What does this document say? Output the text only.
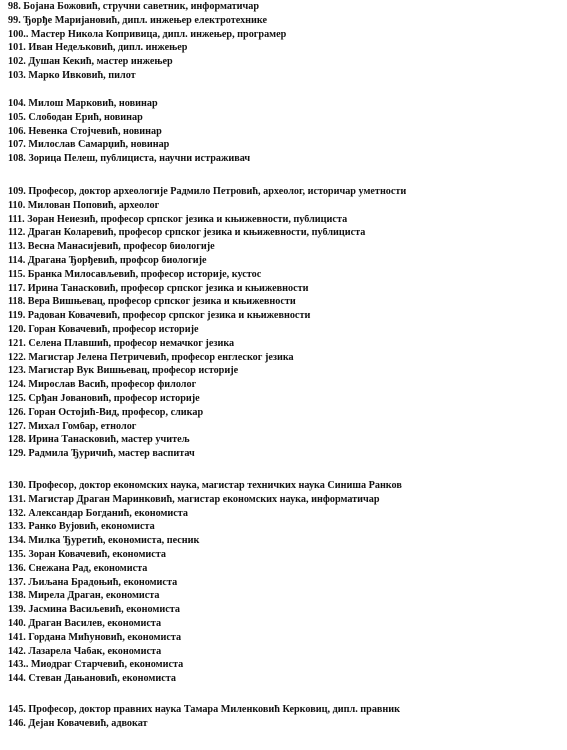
98. Бојана Божовић, стручни саветник, информатичар
99. Ђорђе Маријановић, дипл. инжењер електротехнике
100.. Мастер Никола Копривица, дипл. инжењер, програмер
101. Иван Недељковић, дипл. инжењер
102. Душан Кекић, мастер инжењер
103. Марко Ивковић, пилот
104. Милош Марковић, новинар
105. Слободан Ерић, новинар
106. Невенка Стојчевић, новинар
107. Милослав Самарџић, новинар
108. Зорица Пелеш, публициста, научни истраживач
109. Професор, доктор археологије Радмило Петровић, археолог, историчар уметности
110. Милован Поповић, археолог
111. Зоран Неиезић, професор српског језика и књижевности, публициста
112. Драган Коларевић, професор српског језика и књижевности, публициста
113. Весна Манасијевић, професор биологије
114. Драгана Ђорђевић, профсор биологије
115. Бранка Милосављевић, професор историје, кустос
117. Ирина Танасковић, професор српског језика и књижевности
118. Вера Вишњевац, професор српског језика и књижевности
119. Радован Ковачевић, професор српског језика и књижевности
120. Горан Ковачевић, професор историје
121. Селена Плавшић, професор немачког језика
122. Магистар Јелена Петричевић, професор енглеског језика
123. Магистар Вук Вишњевац, професор историје
124. Мирослав Васић, професор филолог
125. Срђан Јовановић, професор историје
126. Горан Остојић-Вид, професор, сликар
127. Михал Гомбар, етнолог
128. Ирина Танасковић, мастер учитељ
129. Радмила Ђуричић, мастер васпитач
130. Професор, доктор економских наука, магистар техничких наука Синиша Ранков
131. Магистар Драган Маринковић, магистар економских наука, информатичар
132. Александар Богданић, економиста
133. Ранко Вујовић, економиста
134. Милка Ђуретић, економиста, песник
135. Зоран Ковачевић, економиста
136. Снежана Рад, економиста
137. Љиљана Брадоњић, економиста
138. Мирела Драган, економиста
139. Јасмина Васиљевић, економиста
140. Драган Василев, економиста
141. Гордана Мићуновић, економиста
142. Лазарела Чабак, економиста
143.. Миодраг Старчевић, економиста
144. Стеван Дањановић, економиста
145. Професор, доктор правних наука Тамара Миленковић Керковиц, дипл. правник
146. Дејан Ковачевић, адвокат
